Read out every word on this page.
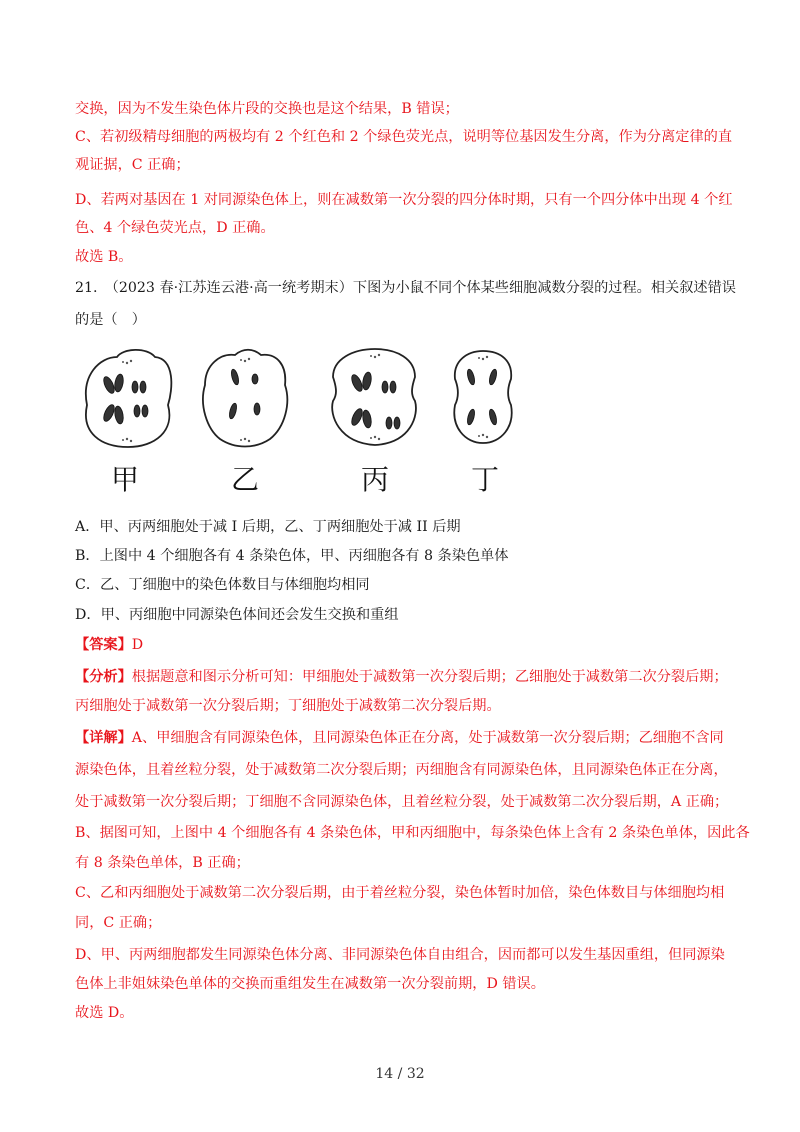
交换，因为不发生染色体片段的交换也是这个结果，B 错误；
C、若初级精母细胞的两极均有 2 个红色和 2 个绿色荧光点，说明等位基因发生分离，作为分离定律的直
观证据，C 正确；
D、若两对基因在 1 对同源染色体上，则在减数第一次分裂的四分体时期，只有一个四分体中出现 4 个红
色、4 个绿色荧光点，D 正确。
故选 B。
21.　（2023 春·江苏连云港·高一统考期末）下图为小鼠不同个体某些细胞减数分裂的过程。相关叙述错误
的是（　）
甲	乙	丙	丁
A．甲、丙两细胞处于减 I 后期，乙、丁两细胞处于减 II 后期
B．上图中 4 个细胞各有 4 条染色体，甲、丙细胞各有 8 条染色单体
C．乙、丁细胞中的染色体数目与体细胞均相同
D．甲、丙细胞中同源染色体间还会发生交换和重组
【答案】D
【分析】根据题意和图示分析可知：甲细胞处于减数第一次分裂后期；乙细胞处于减数第二次分裂后期；
丙细胞处于减数第一次分裂后期；丁细胞处于减数第二次分裂后期。
【详解】A、甲细胞含有同源染色体，且同源染色体正在分离，处于减数第一次分裂后期；乙细胞不含同
源染色体，且着丝粒分裂，处于减数第二次分裂后期；丙细胞含有同源染色体，且同源染色体正在分离，
处于减数第一次分裂后期；丁细胞不含同源染色体，且着丝粒分裂，处于减数第二次分裂后期，A 正确；
B、据图可知，上图中 4 个细胞各有 4 条染色体，甲和丙细胞中，每条染色体上含有 2 条染色单体，因此各
有 8 条染色单体，B 正确；
C、乙和丙细胞处于减数第二次分裂后期，由于着丝粒分裂，染色体暂时加倍，染色体数目与体细胞均相
同，C 正确；
D、甲、丙两细胞都发生同源染色体分离、非同源染色体自由组合，因而都可以发生基因重组，但同源染
色体上非姐妹染色单体的交换而重组发生在减数第一次分裂前期，D 错误。
故选 D。
14 / 32
